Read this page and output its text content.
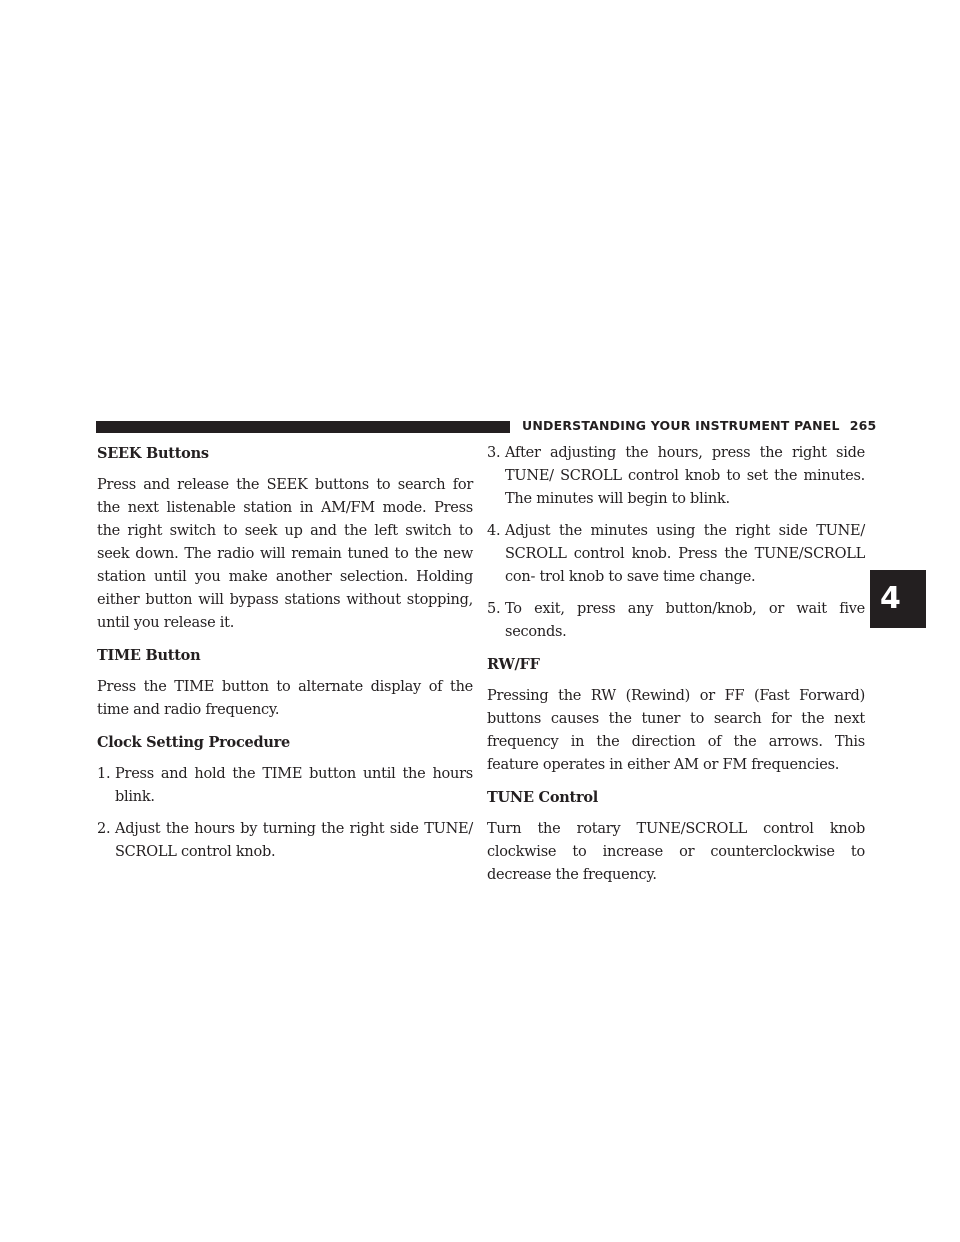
UNDERSTANDING YOUR INSTRUMENT PANEL 265
4

SEEK Buttons

Press and release the SEEK buttons to search for the next listenable station in AM/FM mode. Press the right switch to seek up and the left switch to seek down. The radio will remain tuned to the new station until you make another selection. Holding either button will bypass stations without stopping, until you release it.

TIME Button

Press the TIME button to alternate display of the time and radio frequency.

Clock Setting Procedure

1. Press and hold the TIME button until the hours blink.

2. Adjust the hours by turning the right side TUNE/ SCROLL control knob.

3. After adjusting the hours, press the right side TUNE/ SCROLL control knob to set the minutes. The minutes will begin to blink.

4. Adjust the minutes using the right side TUNE/ SCROLL control knob. Press the TUNE/SCROLL con- trol knob to save time change.

5. To exit, press any button/knob, or wait five seconds.

RW/FF

Pressing the RW (Rewind) or FF (Fast Forward) buttons causes the tuner to search for the next frequency in the direction of the arrows. This feature operates in either AM or FM frequencies.

TUNE Control

Turn the rotary TUNE/SCROLL control knob clockwise to increase or counterclockwise to decrease the frequency.
